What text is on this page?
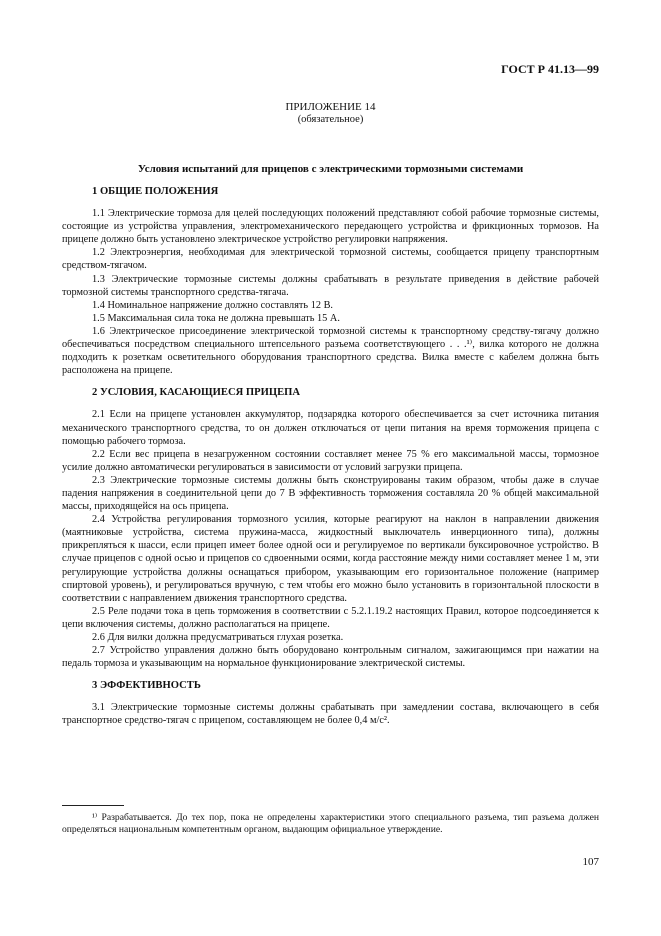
ГОСТ Р 41.13—99
ПРИЛОЖЕНИЕ 14
(обязательное)
Условия испытаний для прицепов с электрическими тормозными системами
1 ОБЩИЕ ПОЛОЖЕНИЯ

1.1 Электрические тормоза для целей последующих положений представляют собой рабочие тормозные системы, состоящие из устройства управления, электромеханического передающего устройства и фрикционных тормозов. На прицепе должно быть установлено электрическое устройство регулировки напряжения.

1.2 Электроэнергия, необходимая для электрической тормозной системы, сообщается прицепу транспортным средством-тягачом.

1.3 Электрические тормозные системы должны срабатывать в результате приведения в действие рабочей тормозной системы транспортного средства-тягача.

1.4 Номинальное напряжение должно составлять 12 В.

1.5 Максимальная сила тока не должна превышать 15 А.

1.6 Электрическое присоединение электрической тормозной системы к транспортному средству-тягачу должно обеспечиваться посредством специального штепсельного разъема соответствующего . . .¹⁾, вилка которого не должна подходить к розеткам осветительного оборудования транспортного средства. Вилка вместе с кабелем должна быть расположена на прицепе.

2 УСЛОВИЯ, КАСАЮЩИЕСЯ ПРИЦЕПА

2.1 Если на прицепе установлен аккумулятор, подзарядка которого обеспечивается за счет источника питания механического транспортного средства, то он должен отключаться от цепи питания на время торможения прицепа с помощью рабочего тормоза.

2.2 Если вес прицепа в незагруженном состоянии составляет менее 75 % его максимальной массы, тормозное усилие должно автоматически регулироваться в зависимости от условий загрузки прицепа.

2.3 Электрические тормозные системы должны быть сконструированы таким образом, чтобы даже в случае падения напряжения в соединительной цепи до 7 В эффективность торможения составляла 20 % общей максимальной массы, приходящейся на ось прицепа.

2.4 Устройства регулирования тормозного усилия, которые реагируют на наклон в направлении движения (маятниковые устройства, система пружина-масса, жидкостный выключатель инверционного типа), должны прикрепляться к шасси, если прицеп имеет более одной оси и регулируемое по вертикали буксировочное устройство. В случае прицепов с одной осью и прицепов со сдвоенными осями, когда расстояние между ними составляет менее 1 м, эти регулирующие устройства должны оснащаться прибором, указывающим его горизонтальное положение (например спиртовой уровень), и регулироваться вручную, с тем чтобы его можно было установить в горизонтальной плоскости в соответствии с направлением движения транспортного средства.

2.5 Реле подачи тока в цепь торможения в соответствии с 5.2.1.19.2 настоящих Правил, которое подсоединяется к цепи включения системы, должно располагаться на прицепе.

2.6 Для вилки должна предусматриваться глухая розетка.

2.7 Устройство управления должно быть оборудовано контрольным сигналом, зажигающимся при нажатии на педаль тормоза и указывающим на нормальное функционирование электрической системы.

3 ЭФФЕКТИВНОСТЬ

3.1 Электрические тормозные системы должны срабатывать при замедлении состава, включающего в себя транспортное средство-тягач с прицепом, составляющем не более 0,4 м/с².

¹⁾ Разрабатывается. До тех пор, пока не определены характеристики этого специального разъема, тип разъема должен определяться национальным компетентным органом, выдающим официальное утверждение.
107
